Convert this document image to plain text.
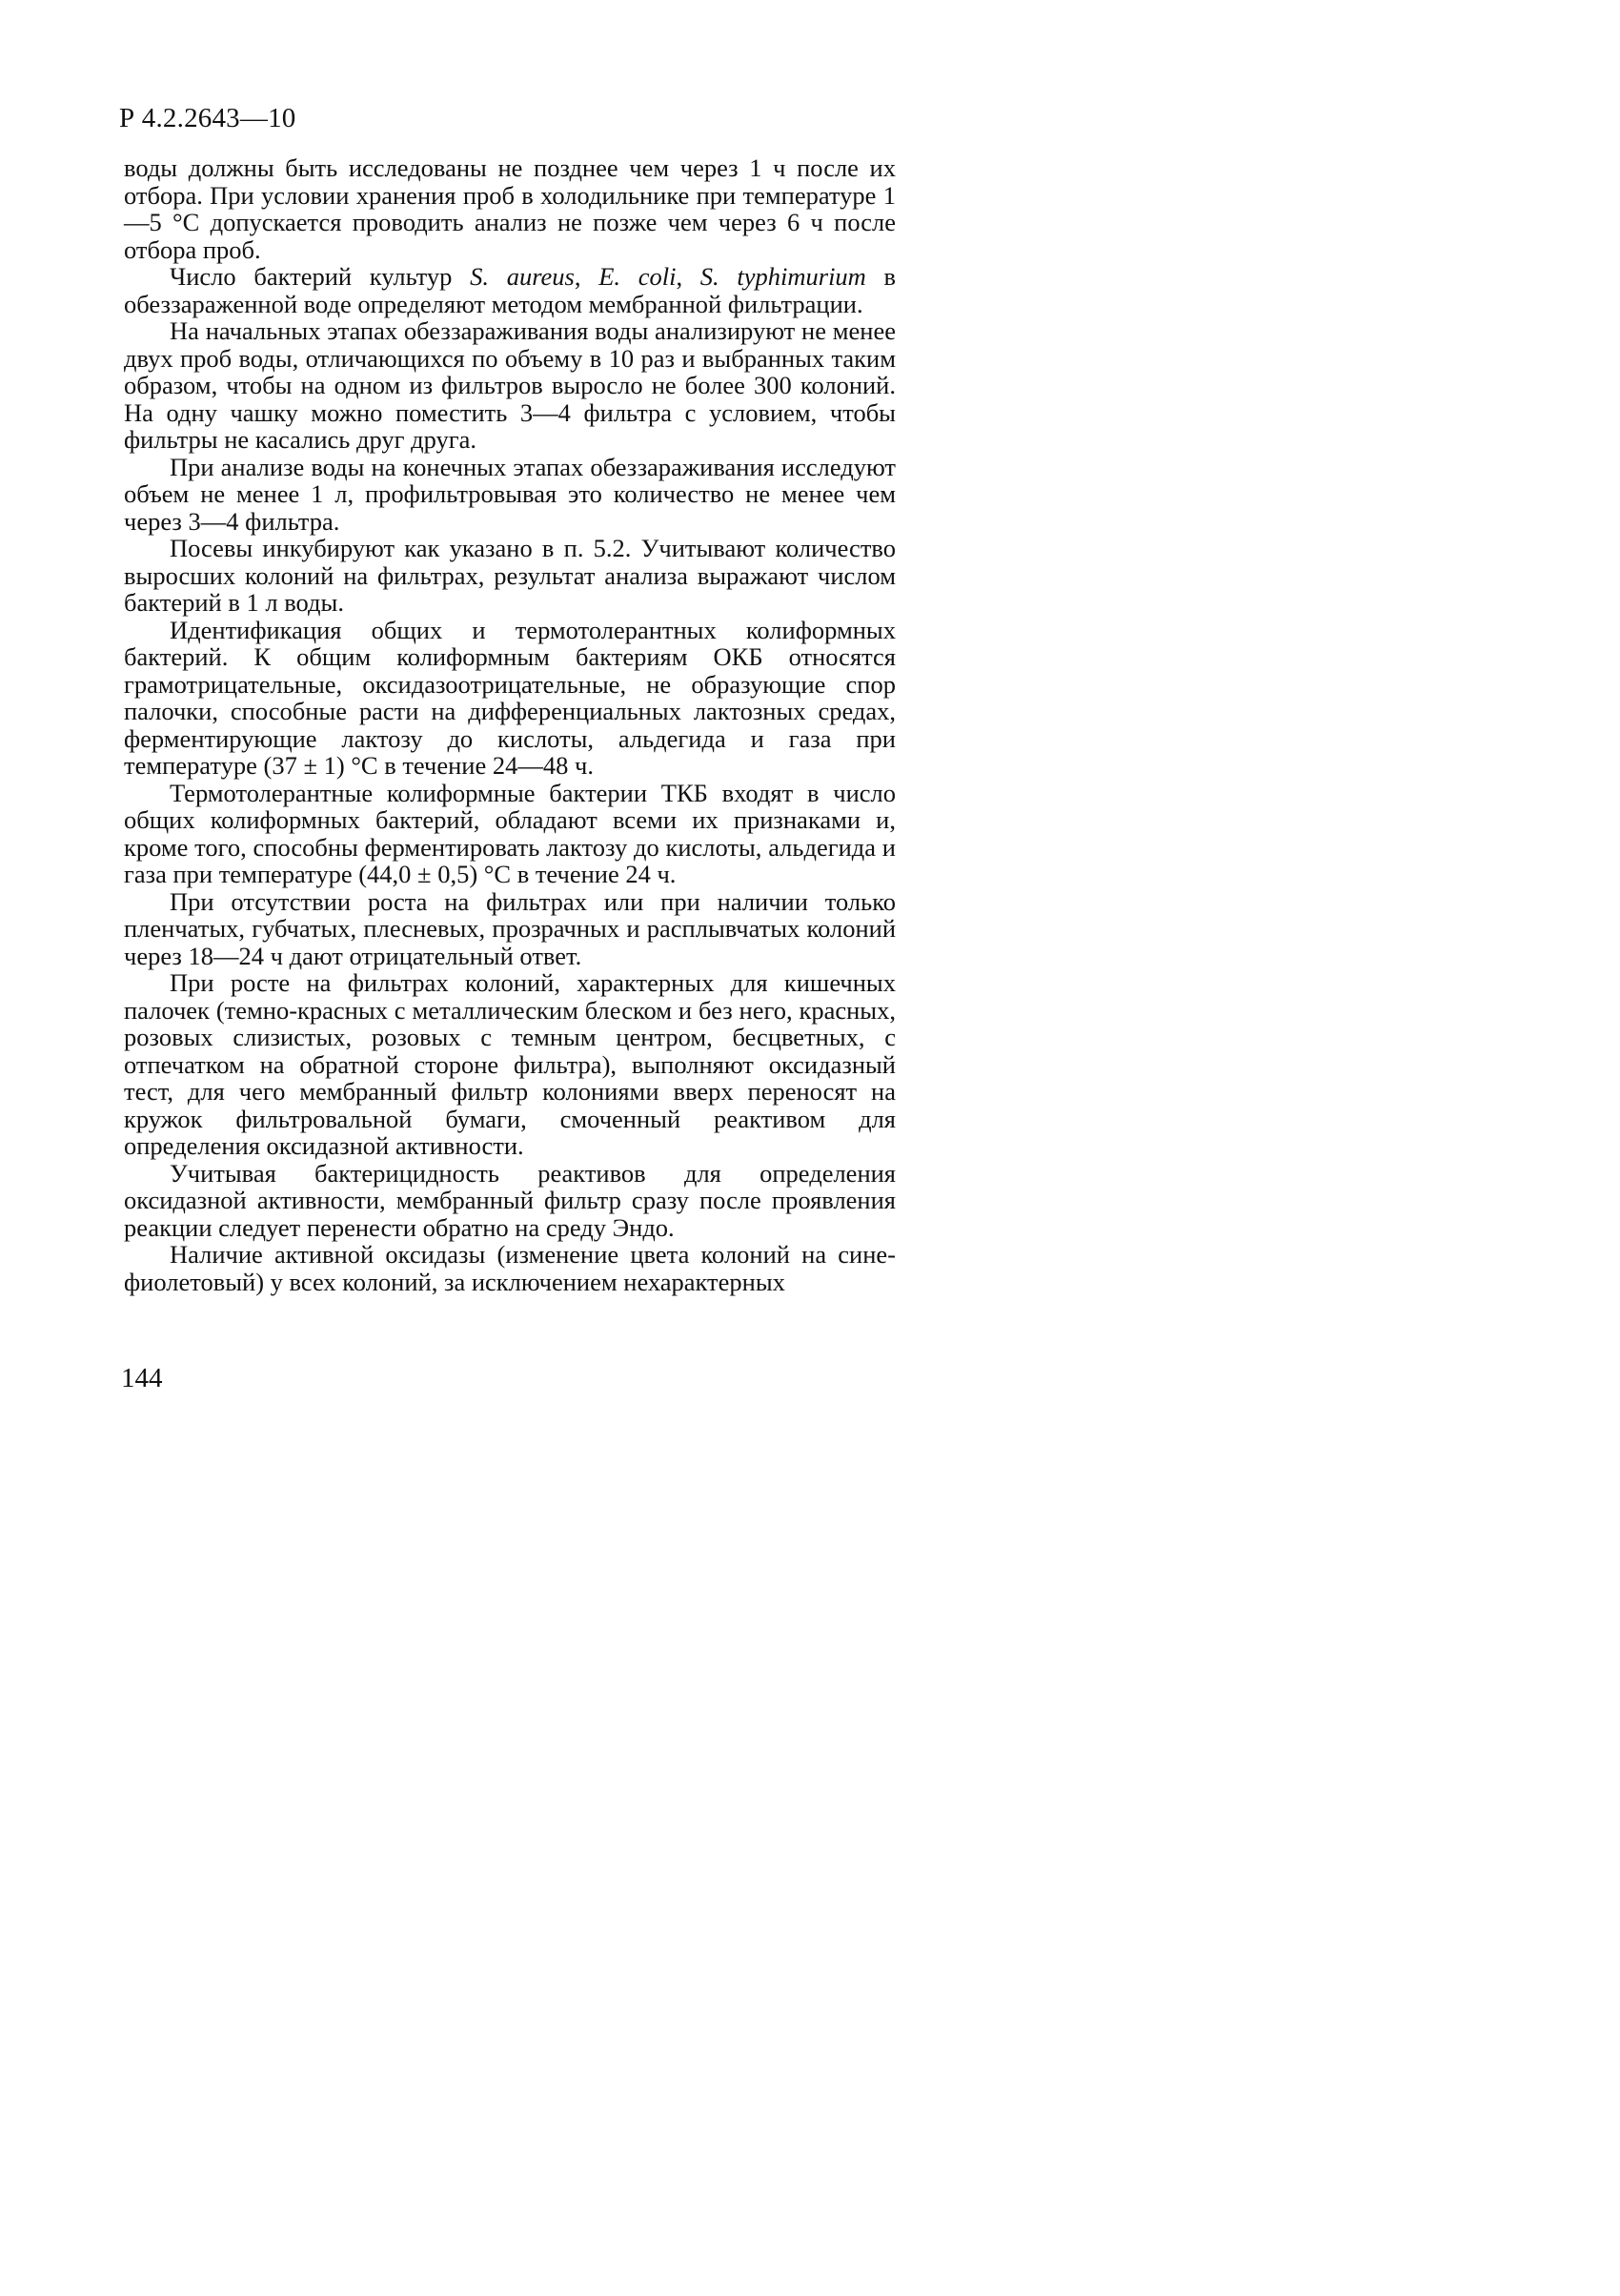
Р 4.2.2643—10

воды должны быть исследованы не позднее чем через 1 ч после их отбора. При условии хранения проб в холодильнике при температуре 1—5 °С допускается проводить анализ не позже чем через 6 ч после отбора проб.

Число бактерий культур S. aureus, E. coli, S. typhimurium в обеззараженной воде определяют методом мембранной фильтрации.

На начальных этапах обеззараживания воды анализируют не менее двух проб воды, отличающихся по объему в 10 раз и выбранных таким образом, чтобы на одном из фильтров выросло не более 300 колоний. На одну чашку можно поместить 3—4 фильтра с условием, чтобы фильтры не касались друг друга.

При анализе воды на конечных этапах обеззараживания исследуют объем не менее 1 л, профильтровывая это количество не менее чем через 3—4 фильтра.

Посевы инкубируют как указано в п. 5.2. Учитывают количество выросших колоний на фильтрах, результат анализа выражают числом бактерий в 1 л воды.

Идентификация общих и термотолерантных колиформных бактерий. К общим колиформным бактериям ОКБ относятся грамотрицательные, оксидазоотрицательные, не образующие спор палочки, способные расти на дифференциальных лактозных средах, ферментирующие лактозу до кислоты, альдегида и газа при температуре (37 ± 1) °С в течение 24—48 ч.

Термотолерантные колиформные бактерии ТКБ входят в число общих колиформных бактерий, обладают всеми их признаками и, кроме того, способны ферментировать лактозу до кислоты, альдегида и газа при температуре (44,0 ± 0,5) °С в течение 24 ч.

При отсутствии роста на фильтрах или при наличии только пленчатых, губчатых, плесневых, прозрачных и расплывчатых колоний через 18—24 ч дают отрицательный ответ.

При росте на фильтрах колоний, характерных для кишечных палочек (темно-красных с металлическим блеском и без него, красных, розовых слизистых, розовых с темным центром, бесцветных, с отпечатком на обратной стороне фильтра), выполняют оксидазный тест, для чего мембранный фильтр колониями вверх переносят на кружок фильтровальной бумаги, смоченный реактивом для определения оксидазной активности.

Учитывая бактерицидность реактивов для определения оксидазной активности, мембранный фильтр сразу после проявления реакции следует перенести обратно на среду Эндо.

Наличие активной оксидазы (изменение цвета колоний на сине-фиолетовый) у всех колоний, за исключением нехарактерных

144
